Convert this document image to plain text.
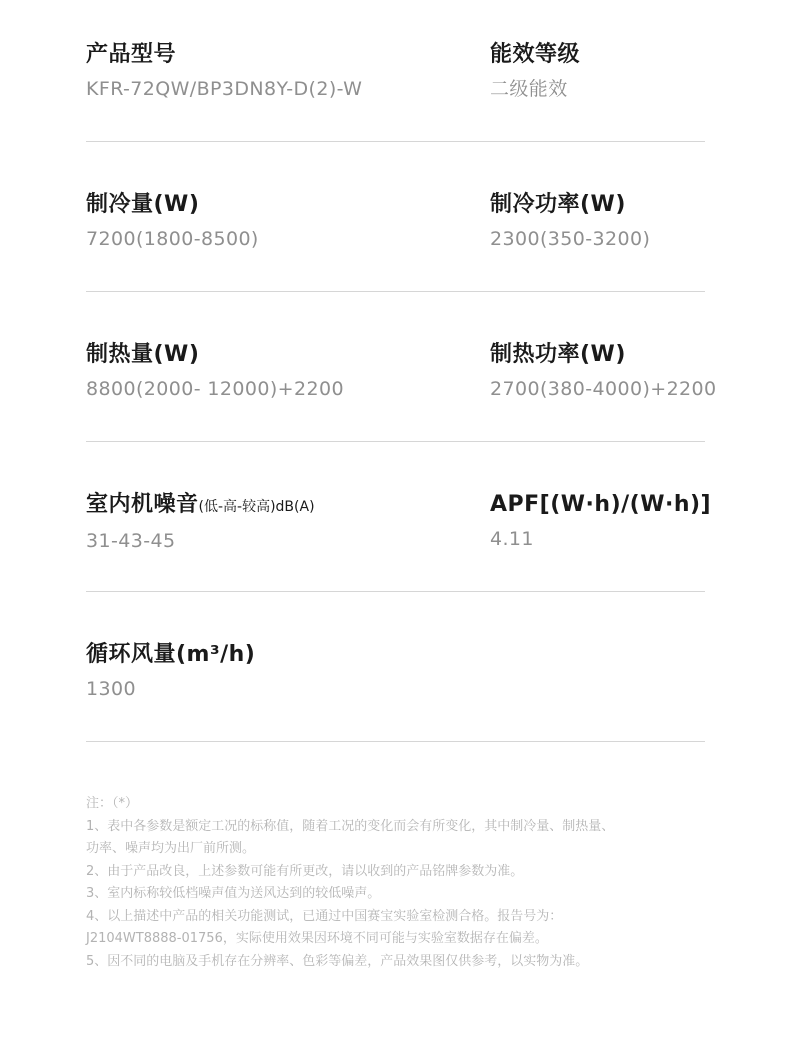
产品型号
KFR-72QW/BP3DN8Y-D(2)-W
能效等级
二级能效
制冷量(W)
7200(1800-8500)
制冷功率(W)
2300(350-3200)
制热量(W)
8800(2000- 12000)+2200
制热功率(W)
2700(380-4000)+2200
室内机噪音(低-高-较高)dB(A)
31-43-45
APF[(W·h)/(W·h)]
4.11
循环风量(m³/h)
1300
注：（*）
1、表中各参数是额定工况的标称值，随着工况的变化而会有所变化，其中制冷量、制热量、
功率、噪声均为出厂前所测。
2、由于产品改良，上述参数可能有所更改，请以收到的产品铭牌参数为准。
3、室内标称较低档噪声值为送风达到的较低噪声。
4、以上描述中产品的相关功能测试，已通过中国赛宝实验室检测合格。报告号为：
J2104WT8888-01756，实际使用效果因环境不同可能与实验室数据存在偏差。
5、因不同的电脑及手机存在分辨率、色彩等偏差，产品效果图仅供参考，以实物为准。
